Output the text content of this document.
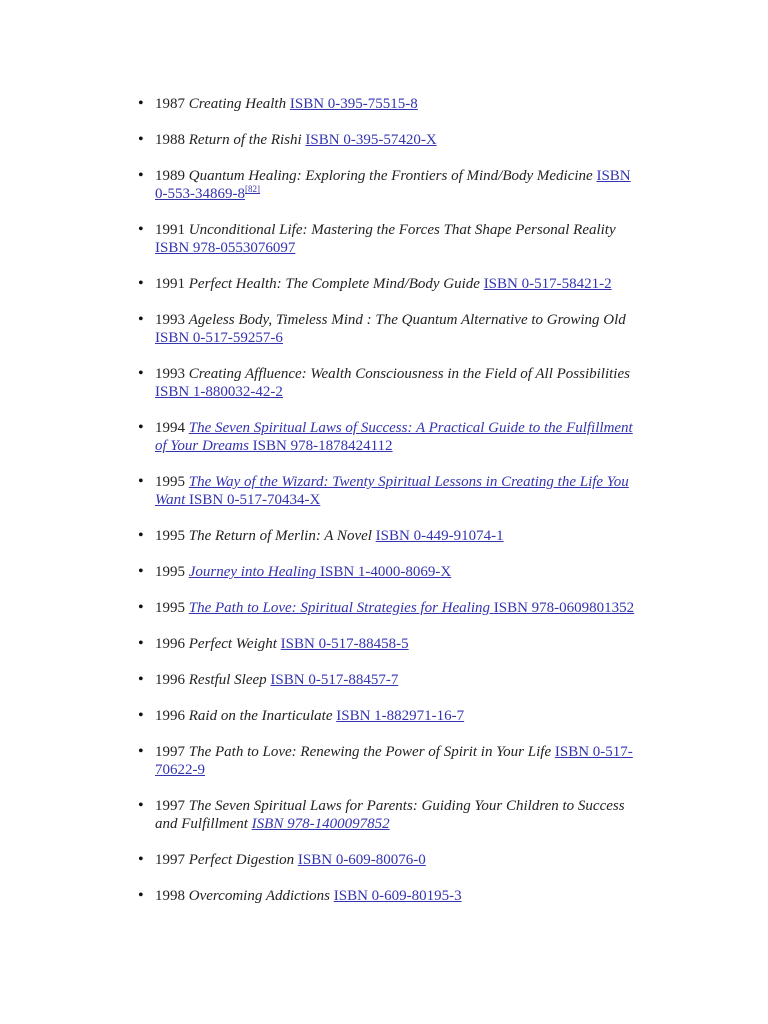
• 1987 Creating Health ISBN 0-395-75515-8
• 1988 Return of the Rishi ISBN 0-395-57420-X
• 1989 Quantum Healing: Exploring the Frontiers of Mind/Body Medicine ISBN
0-553-34869-8[82]
• 1991 Unconditional Life: Mastering the Forces That Shape Personal Reality
ISBN 978-0553076097
• 1991 Perfect Health: The Complete Mind/Body Guide ISBN 0-517-58421-2
• 1993 Ageless Body, Timeless Mind : The Quantum Alternative to Growing Old
ISBN 0-517-59257-6
• 1993 Creating Affluence: Wealth Consciousness in the Field of All Possibilities
ISBN 1-880032-42-2
• 1994 The Seven Spiritual Laws of Success: A Practical Guide to the Fulfillment
of Your Dreams ISBN 978-1878424112
• 1995 The Way of the Wizard: Twenty Spiritual Lessons in Creating the Life You
Want ISBN 0-517-70434-X
• 1995 The Return of Merlin: A Novel ISBN 0-449-91074-1
• 1995 Journey into Healing ISBN 1-4000-8069-X
• 1995 The Path to Love: Spiritual Strategies for Healing ISBN 978-0609801352
• 1996 Perfect Weight ISBN 0-517-88458-5
• 1996 Restful Sleep ISBN 0-517-88457-7
• 1996 Raid on the Inarticulate ISBN 1-882971-16-7
• 1997 The Path to Love: Renewing the Power of Spirit in Your Life ISBN 0-517-
70622-9
• 1997 The Seven Spiritual Laws for Parents: Guiding Your Children to Success
and Fulfillment ISBN 978-1400097852
• 1997 Perfect Digestion ISBN 0-609-80076-0
• 1998 Overcoming Addictions ISBN 0-609-80195-3
